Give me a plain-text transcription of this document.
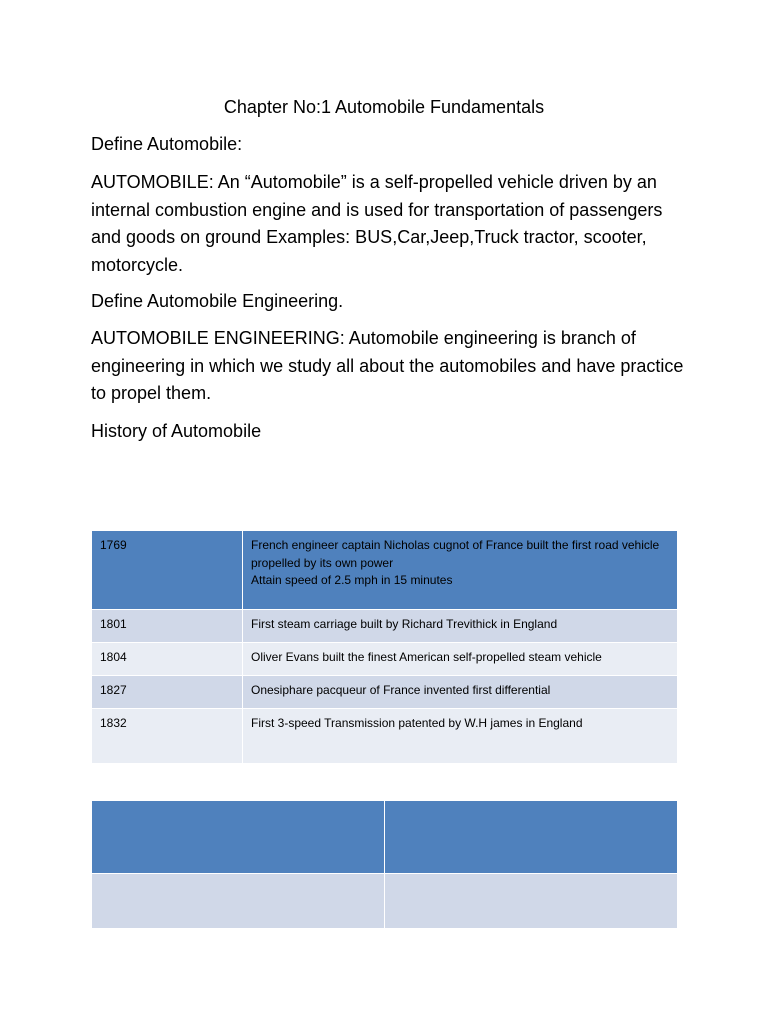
Chapter No:1 Automobile Fundamentals

Define Automobile:

AUTOMOBILE: An “Automobile” is a self-propelled vehicle driven by an internal combustion engine and is used for transportation of passengers and goods on ground Examples: BUS,Car,Jeep,Truck tractor, scooter, motorcycle.

Define Automobile Engineering.

AUTOMOBILE ENGINEERING: Automobile engineering is branch of engineering in which we study all about the automobiles and have practice to propel them.

History of Automobile

1769	French engineer captain Nicholas cugnot of France built the first road vehicle propelled by its own power
Attain speed of 2.5 mph in 15 minutes
1801	First steam carriage built by Richard Trevithick in England
1804	Oliver Evans built the finest American self-propelled steam vehicle
1827	Onesiphare pacqueur of France invented first differential
1832	First 3-speed Transmission patented by W.H james in England
